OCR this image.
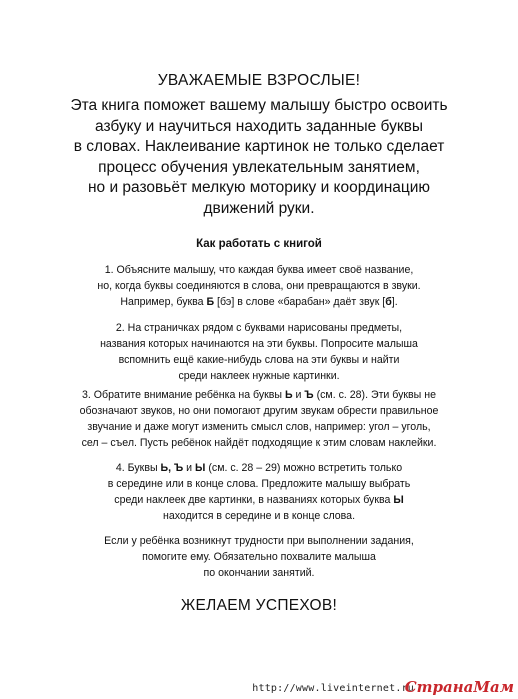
УВАЖАЕМЫЕ ВЗРОСЛЫЕ!
Эта книга поможет вашему малышу быстро освоить
азбуку и научиться находить заданные буквы
в словах. Наклеивание картинок не только сделает
процесс обучения увлекательным занятием,
но и разовьёт мелкую моторику и координацию
движений руки.
Как работать с книгой
1. Объясните малышу, что каждая буква имеет своё название,
но, когда буквы соединяются в слова, они превращаются в звуки.
Например, буква Б [бэ] в слове «барабан» даёт звук [б].
2. На страничках рядом с буквами нарисованы предметы,
названия которых начинаются на эти буквы. Попросите малыша
вспомнить ещё какие-нибудь слова на эти буквы и найти
среди наклеек нужные картинки.
3. Обратите внимание ребёнка на буквы Ь и Ъ (см. с. 28). Эти буквы не
обозначают звуков, но они помогают другим звукам обрести правильное
звучание и даже могут изменить смысл слов, например: угол – уголь,
сел – съел. Пусть ребёнок найдёт подходящие к этим словам наклейки.
4. Буквы Ь, Ъ и Ы (см. с. 28 – 29) можно встретить только
в середине или в конце слова. Предложите малышу выбрать
среди наклеек две картинки, в названиях которых буква Ы
находится в середине и в конце слова.
Если у ребёнка возникнут трудности при выполнении задания,
помогите ему. Обязательно похвалите малыша
по окончании занятий.
ЖЕЛАЕМ УСПЕХОВ!
http://www.liveinternet.ru
СтранаМам
